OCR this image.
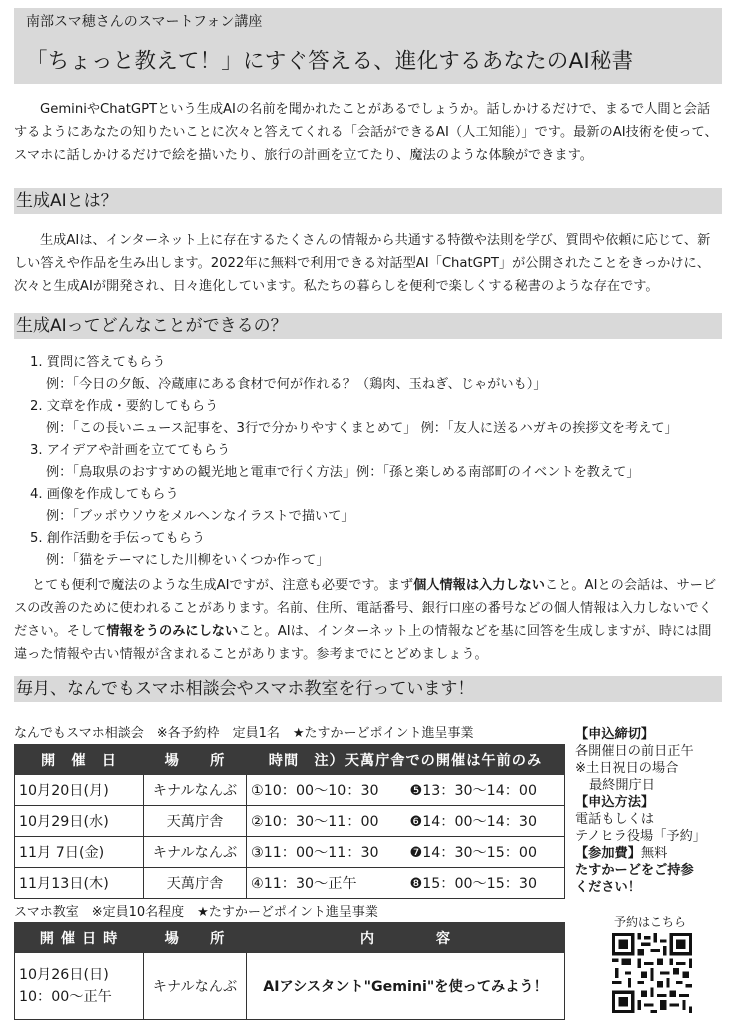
南部スマ穂さんのスマートフォン講座
「ちょっと教えて！」にすぐ答える、進化するあなたのAI秘書

GeminiやChatGPTという生成AIの名前を聞かれたことがあるでしょうか。話しかけるだけで、まるで人間と会話するようにあなたの知りたいことに次々と答えてくれる「会話ができるAI（人工知能）」です。最新のAI技術を使って、スマホに話しかけるだけで絵を描いたり、旅行の計画を立てたり、魔法のような体験ができます。

生成AIとは？

生成AIは、インターネット上に存在するたくさんの情報から共通する特徴や法則を学び、質問や依頼に応じて、新しい答えや作品を生み出します。2022年に無料で利用できる対話型AI「ChatGPT」が公開されたことをきっかけに、次々と生成AIが開発され、日々進化しています。私たちの暮らしを便利で楽しくする秘書のような存在です。

生成AIってどんなことができるの？
1. 質問に答えてもらう
例：「今日の夕飯、冷蔵庫にある食材で何が作れる？（鶏肉、玉ねぎ、じゃがいも）」
2. 文章を作成・要約してもらう
例：「この長いニュース記事を、3行で分かりやすくまとめて」 例：「友人に送るハガキの挨拶文を考えて」
3. アイデアや計画を立ててもらう
例：「鳥取県のおすすめの観光地と電車で行く方法」例：「孫と楽しめる南部町のイベントを教えて」
4. 画像を作成してもらう
例：「ブッポウソウをメルヘンなイラストで描いて」
5. 創作活動を手伝ってもらう
例：「猫をテーマにした川柳をいくつか作って」

とても便利で魔法のような生成AIですが、注意も必要です。まず個人情報は入力しないこと。AIとの会話は、サービスの改善のために使われることがあります。名前、住所、電話番号、銀行口座の番号などの個人情報は入力しないでください。そして情報をうのみにしないこと。AIは、インターネット上の情報などを基に回答を生成しますが、時には間違った情報や古い情報が含まれることがあります。参考までにとどめましょう。

毎月、なんでもスマホ相談会やスマホ教室を行っています！
なんでもスマホ相談会　※各予約枠　定員1名　★たすかーどポイント進呈事業
開　催　日	場　　所	時間　注）天萬庁舎での開催は午前のみ	
10月20日(月)	キナルなんぶ	①10：00〜10：30	❺13：30〜14：00
10月29日(水)	天萬庁舎	②10：30〜11：00	❻14：00〜14：30
11月 7日(金)	キナルなんぶ	③11：00〜11：30	❼14：30〜15：00
11月13日(木)	天萬庁舎	④11：30〜正午	❽15：00〜15：30
スマホ教室　※定員10名程度　★たすかーどポイント進呈事業
開 催 日 時	場　　所	内　　　　容

10月26日(日)
10：00〜正午	キナルなんぶ	AIアシスタント"Gemini"を使ってみよう！
【申込締切】
各開催日の前日正午
※土日祝日の場合
最終開庁日
【申込方法】
電話もしくは
テノヒラ役場「予約」
【参加費】無料
たすかーどをご持参
ください！
予約はこちら
